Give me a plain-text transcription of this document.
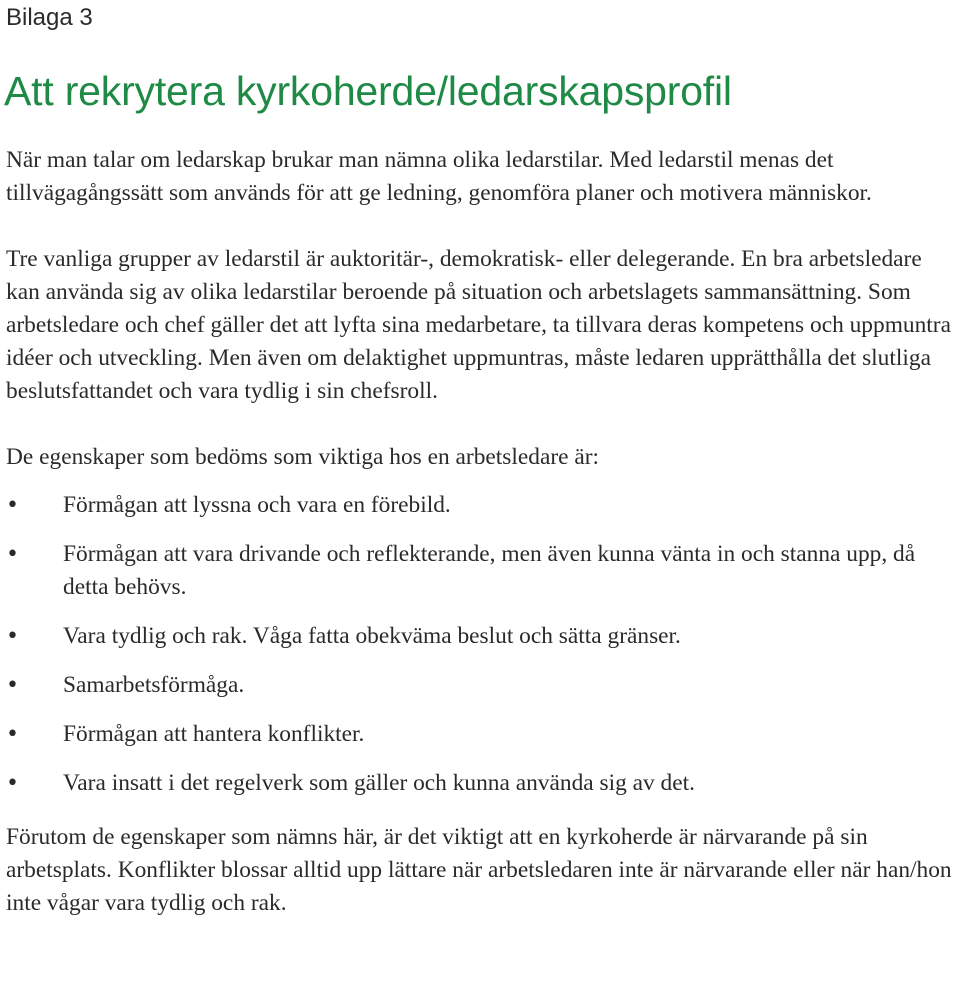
Bilaga 3
Att rekrytera kyrkoherde/ledarskapsprofil

När man talar om ledarskap brukar man nämna olika ledarstilar. Med ledarstil menas det tillvägagångssätt som används för att ge ledning, genomföra planer och motivera människor.

Tre vanliga grupper av ledarstil är auktoritär-, demokratisk- eller delegerande. En bra arbetsledare kan använda sig av olika ledarstilar beroende på situation och arbetslagets sammansättning. Som arbetsledare och chef gäller det att lyfta sina medarbetare, ta tillvara deras kompetens och uppmuntra idéer och utveckling. Men även om delaktighet uppmuntras, måste ledaren upprätthålla det slutliga beslutsfattandet och vara tydlig i sin chefsroll.

De egenskaper som bedöms som viktiga hos en arbetsledare är:

• Förmågan att lyssna och vara en förebild.
• Förmågan att vara drivande och reflekterande, men även kunna vänta in och stanna upp, då detta behövs.
• Vara tydlig och rak. Våga fatta obekväma beslut och sätta gränser.
• Samarbetsförmåga.
• Förmågan att hantera konflikter.
• Vara insatt i det regelverk som gäller och kunna använda sig av det.

Förutom de egenskaper som nämns här, är det viktigt att en kyrkoherde är närvarande på sin arbetsplats. Konflikter blossar alltid upp lättare när arbetsledaren inte är närvarande eller när han/hon inte vågar vara tydlig och rak.
